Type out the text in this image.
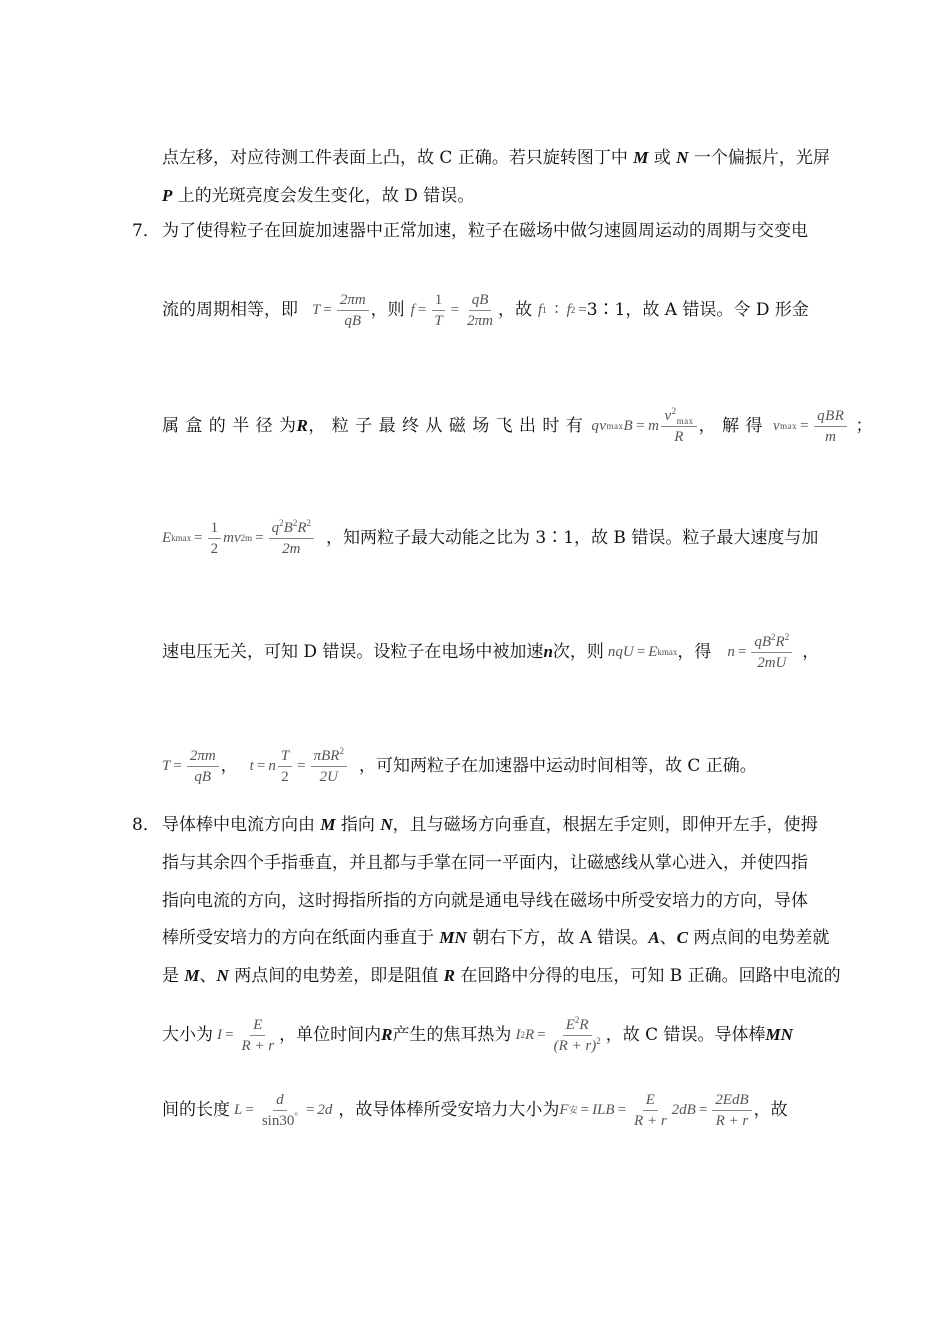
点左移，对应待测工件表面上凸，故 C 正确。若只旋转图丁中 M 或 N 一个偏振片，光屏
P 上的光斑亮度会发生变化，故 D 错误。
7． 为了使得粒子在回旋加速器中正常加速，粒子在磁场中做匀速圆周运动的周期与交变电
流的周期相等，即 $T = \frac{2\pi m}{qB}$ ，则 $f = \frac{1}{T} = \frac{qB}{2\pi m}$ ，故 f 1 ∶ f 2 = 3∶1，故 A 错误。令 D 形金
属 盒 的 半 径 为 R ， 粒 子 最 终 从 磁 场 飞 出 时 有 qv max B = m $\frac{v^2_{max}}{R}$ ， 解 得 v $\max = \frac{\text{qBR}}{m}$ ；
E $kmax = \frac{1}{2}$ m v 2 $m = \frac{q^2B^2R^2}{2m}$ ，知两粒子最大动能之比为 3∶1，故 B 错误。粒子最大速度与加
速电压无关，可知 D 错误。设粒子在电场中被加速 n 次，则 nqU = E kmax ，得 $n = \frac{qB^2R^2}{2mU}$ ，
$T = \frac{2\pi m}{qB}$ ， t = n $\frac{T}{2} = \frac{\pi BR^2}{2U}$ ，可知两粒子在加速器中运动时间相等，故 C 正确。
8． 导体棒中电流方向由 M 指向 N，且与磁场方向垂直，根据左手定则，即伸开左手，使拇
指与其余四个手指垂直，并且都与手掌在同一平面内，让磁感线从掌心进入，并使四指
指向电流的方向，这时拇指所指的方向就是通电导线在磁场中所受安培力的方向，导体
棒所受安培力的方向在纸面内垂直于 MN 朝右下方，故 A 错误。A、C 两点间的电势差就
是 M、N 两点间的电势差，即是阻值 R 在回路中分得的电压，可知 B 正确。回路中电流的
大小为 $I = \frac{E}{R + r}$ ，单位时间内 R 产生的焦耳热为 I 2 $R = \frac{E^2R}{(R + r)^2}$ ，故 C 错误。导体棒 MN
间的长度 $L = \frac{d}{\sin 30^\circ} = 2d$ ，故导体棒所受安培力大小为 F 安 = ILB = $\frac{E}{R + r} 2dB = \frac{\text{2EdB}}{R + r}$ ，故
